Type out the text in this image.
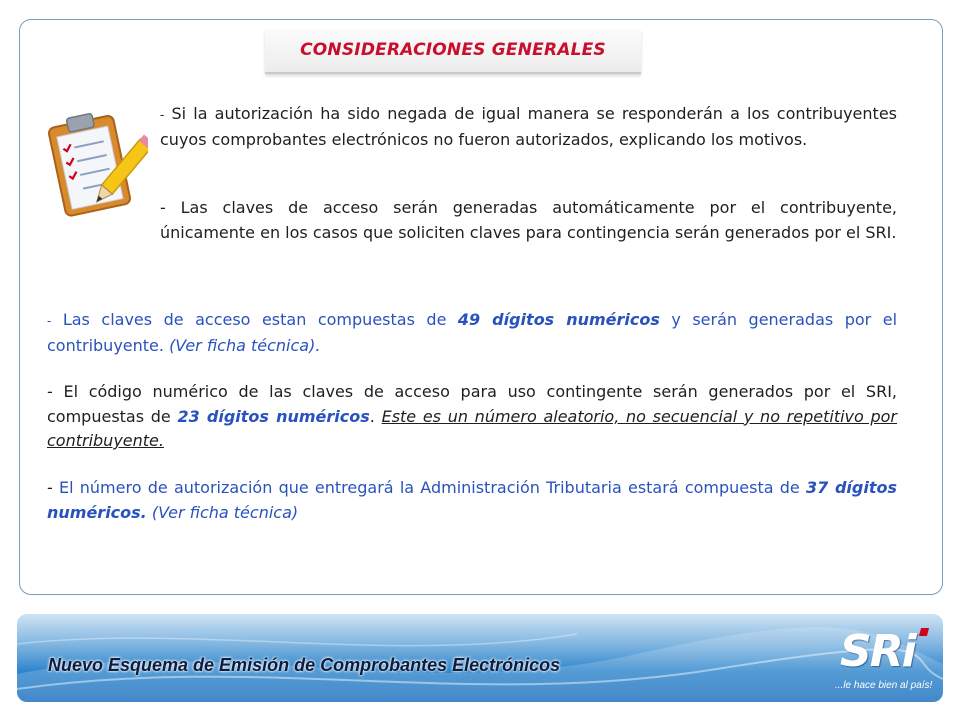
CONSIDERACIONES GENERALES
- Si la autorización ha sido negada de igual manera se responderán a los contribuyentes cuyos comprobantes electrónicos no fueron autorizados, explicando los motivos.
- Las claves de acceso serán generadas automáticamente por el contribuyente, únicamente en los casos que soliciten claves para contingencia serán generados por el SRI.
- Las claves de acceso estan compuestas de 49 dígitos numéricos y serán generadas por el contribuyente. (Ver ficha técnica).
- El código numérico de las claves de acceso para uso contingente serán generados por el SRI, compuestas de 23 dígitos numéricos. Este es un número aleatorio, no secuencial y no repetitivo por contribuyente.
- El número de autorización que entregará la Administración Tributaria estará compuesta de 37 dígitos numéricos. (Ver ficha técnica)
Nuevo Esquema de Emisión de Comprobantes Electrónicos	SRi
...le hace bien al país!
